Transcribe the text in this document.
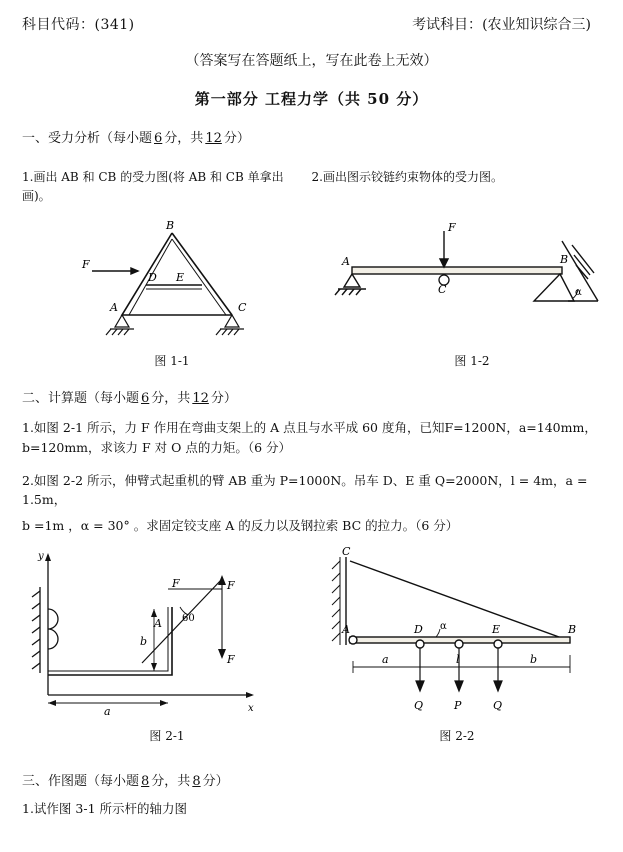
科目代码：(341)	考试科目：(农业知识综合三)
（答案写在答题纸上，写在此卷上无效）
第一部分 工程力学（共 50 分）
一、受力分析（每小题 6 分，共 12 分）
1.画出 AB 和 CB 的受力图(将 AB 和 CB 单拿出画)。
2.画出图示铰链约束物体的受力图。
B
F
D E
A	C
图 1-1
F
A
C
B
α
图 1-2
二、计算题（每小题 6 分，共 12 分）
1.如图 2-1 所示，力 F 作用在弯曲支架上的 A 点且与水平成 60 度角，已知F=1200N，a=140mm，b=120mm，求该力 F 对 O 点的力矩。（6 分）
2.如图 2-2 所示，伸臂式起重机的臂 AB 重为 P=1000N。吊车 D、E 重 Q=2000N，l = 4m，a = 1.5m，
b =1m ，α = 30° 。求固定铰支座 A 的反力以及钢拉索 BC 的拉力。（6 分）
F	F
F
A 60
b
a
y
x
图 2-1
C
A	D	E	B
α
a	l	b
Q	P	Q
图 2-2
三、作图题（每小题 8 分，共 8 分）
1.试作图 3-1 所示杆的轴力图
